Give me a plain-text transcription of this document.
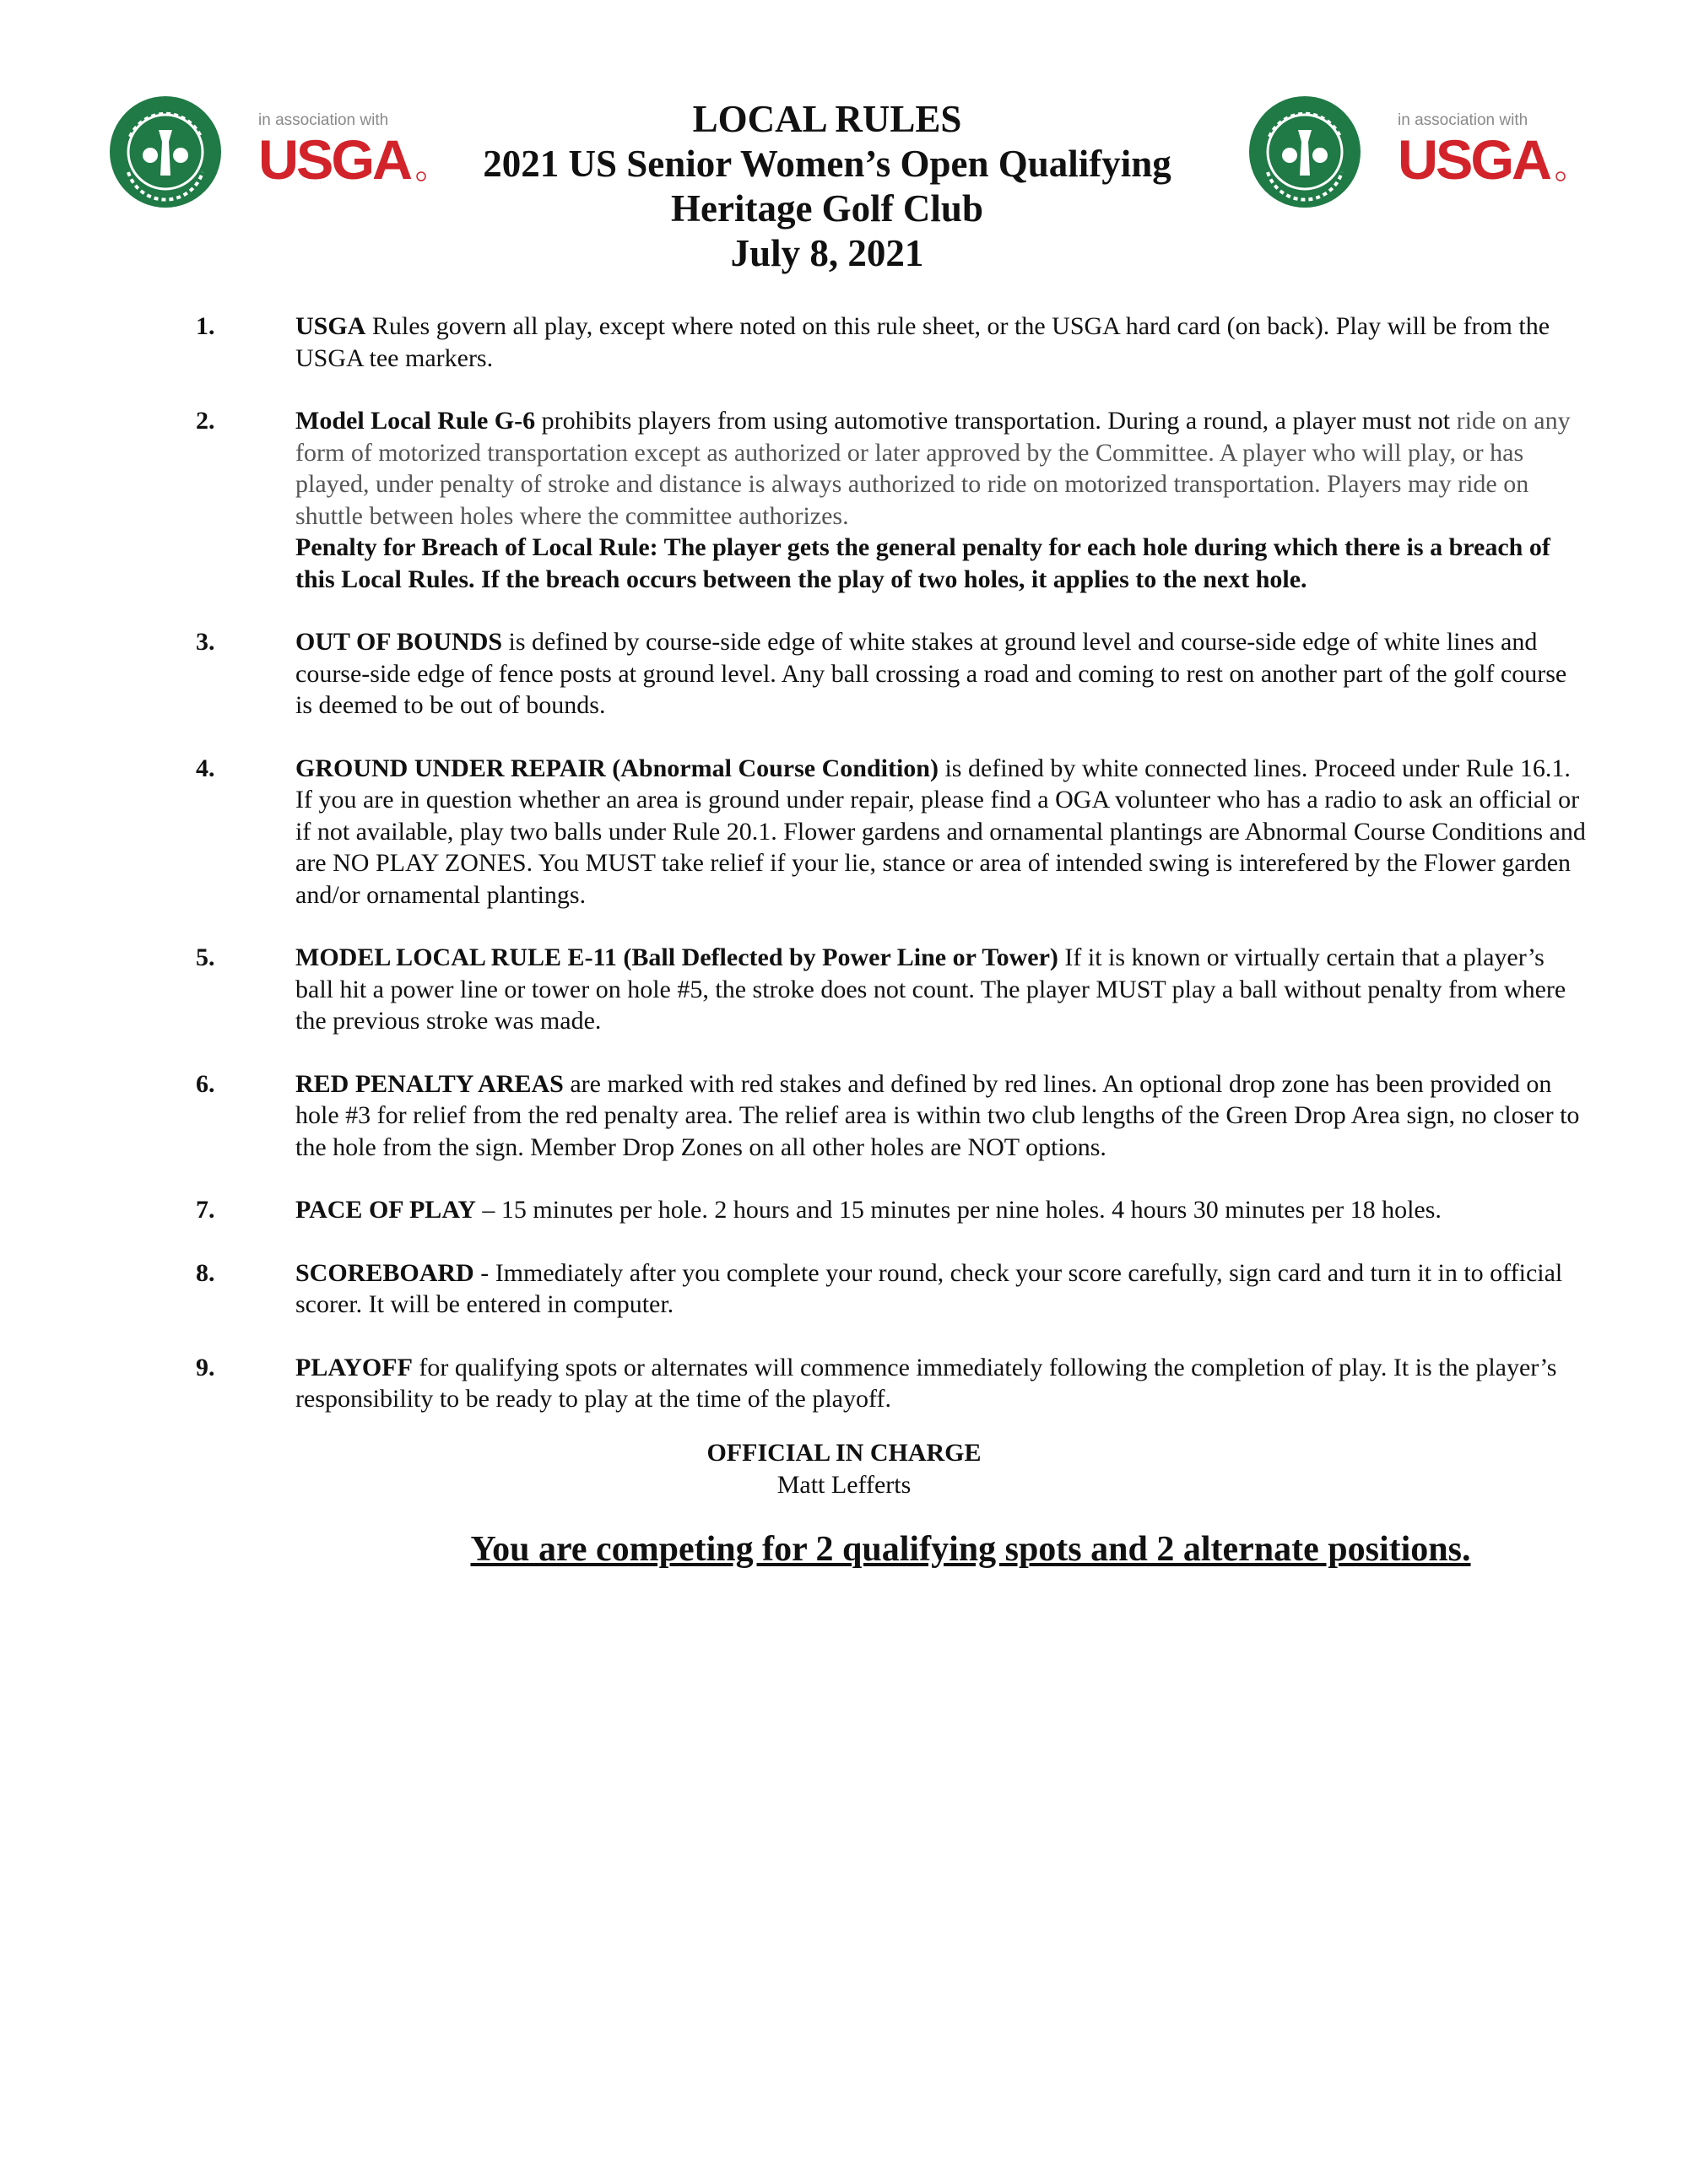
in association with
USGA
in association with
USGA
LOCAL RULES
2021 US Senior Women’s Open Qualifying
Heritage Golf Club
July 8, 2021
1.	USGA Rules govern all play, except where noted on this rule sheet, or the USGA hard card (on back). Play will be from the USGA tee markers.
2.	Model Local Rule G-6 prohibits players from using automotive transportation. During a round, a player must not ride on any form of motorized transportation except as authorized or later approved by the Committee. A player who will play, or has played, under penalty of stroke and distance is always authorized to ride on motorized transportation. Players may ride on shuttle between holes where the committee authorizes.
Penalty for Breach of Local Rule: The player gets the general penalty for each hole during which there is a breach of this Local Rules. If the breach occurs between the play of two holes, it applies to the next hole.
3.	OUT OF BOUNDS is defined by course-side edge of white stakes at ground level and course-side edge of white lines and course-side edge of fence posts at ground level. Any ball crossing a road and coming to rest on another part of the golf course is deemed to be out of bounds.
4.	GROUND UNDER REPAIR (Abnormal Course Condition) is defined by white connected lines. Proceed under Rule 16.1. If you are in question whether an area is ground under repair, please find a OGA volunteer who has a radio to ask an official or if not available, play two balls under Rule 20.1. Flower gardens and ornamental plantings are Abnormal Course Conditions and are NO PLAY ZONES. You MUST take relief if your lie, stance or area of intended swing is interefered by the Flower garden and/or ornamental plantings.
5.	MODEL LOCAL RULE E-11 (Ball Deflected by Power Line or Tower) If it is known or virtually certain that a player’s ball hit a power line or tower on hole #5, the stroke does not count. The player MUST play a ball without penalty from where the previous stroke was made.
6.	RED PENALTY AREAS are marked with red stakes and defined by red lines. An optional drop zone has been provided on hole #3 for relief from the red penalty area. The relief area is within two club lengths of the Green Drop Area sign, no closer to the hole from the sign. Member Drop Zones on all other holes are NOT options.
7.	PACE OF PLAY – 15 minutes per hole. 2 hours and 15 minutes per nine holes. 4 hours 30 minutes per 18 holes.
8.	SCOREBOARD - Immediately after you complete your round, check your score carefully, sign card and turn it in to official scorer. It will be entered in computer.
9.	PLAYOFF for qualifying spots or alternates will commence immediately following the completion of play. It is the player’s responsibility to be ready to play at the time of the playoff.
OFFICIAL IN CHARGE
Matt Lefferts
You are competing for 2 qualifying spots and 2 alternate positions.
